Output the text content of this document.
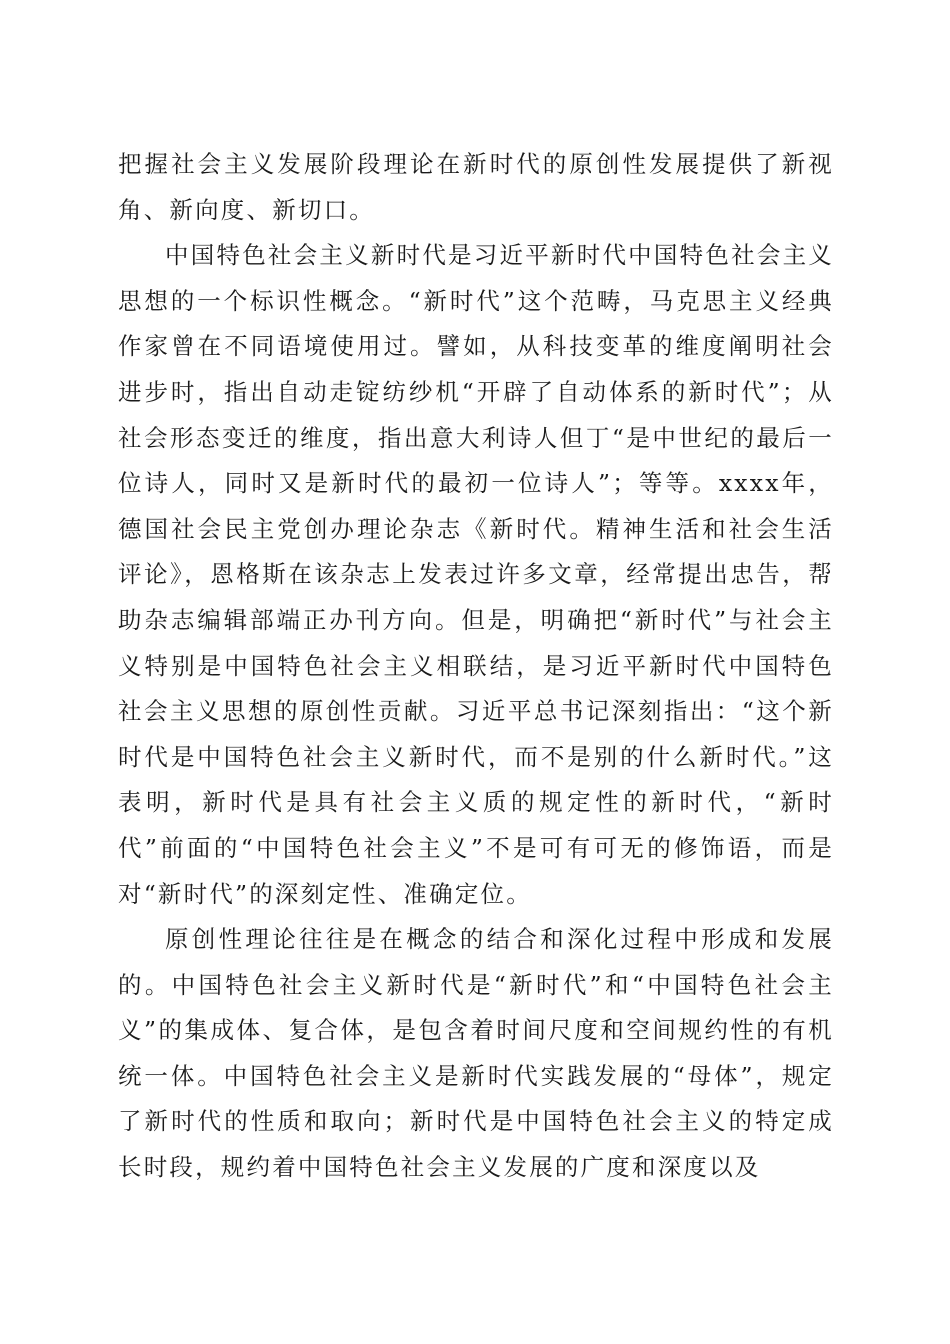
把握社会主义发展阶段理论在新时代的原创性发展提供了新视角、新向度、新切口。

中国特色社会主义新时代是习近平新时代中国特色社会主义思想的一个标识性概念。“新时代”这个范畴，马克思主义经典作家曾在不同语境使用过。譬如，从科技变革的维度阐明社会进步时，指出自动走锭纺纱机“开辟了自动体系的新时代”；从社会形态变迁的维度，指出意大利诗人但丁“是中世纪的最后一位诗人，同时又是新时代的最初一位诗人”；等等。xxxx年，德国社会民主党创办理论杂志《新时代。精神生活和社会生活评论》，恩格斯在该杂志上发表过许多文章，经常提出忠告，帮助杂志编辑部端正办刊方向。但是，明确把“新时代”与社会主义特别是中国特色社会主义相联结，是习近平新时代中国特色社会主义思想的原创性贡献。习近平总书记深刻指出：“这个新时代是中国特色社会主义新时代，而不是别的什么新时代。”这表明，新时代是具有社会主义质的规定性的新时代，“新时代”前面的“中国特色社会主义”不是可有可无的修饰语，而是对“新时代”的深刻定性、准确定位。

原创性理论往往是在概念的结合和深化过程中形成和发展的。中国特色社会主义新时代是“新时代”和“中国特色社会主义”的集成体、复合体，是包含着时间尺度和空间规约性的有机统一体。中国特色社会主义是新时代实践发展的“母体”，规定了新时代的性质和取向；新时代是中国特色社会主义的特定成长时段，规约着中国特色社会主义发展的广度和深度以及
